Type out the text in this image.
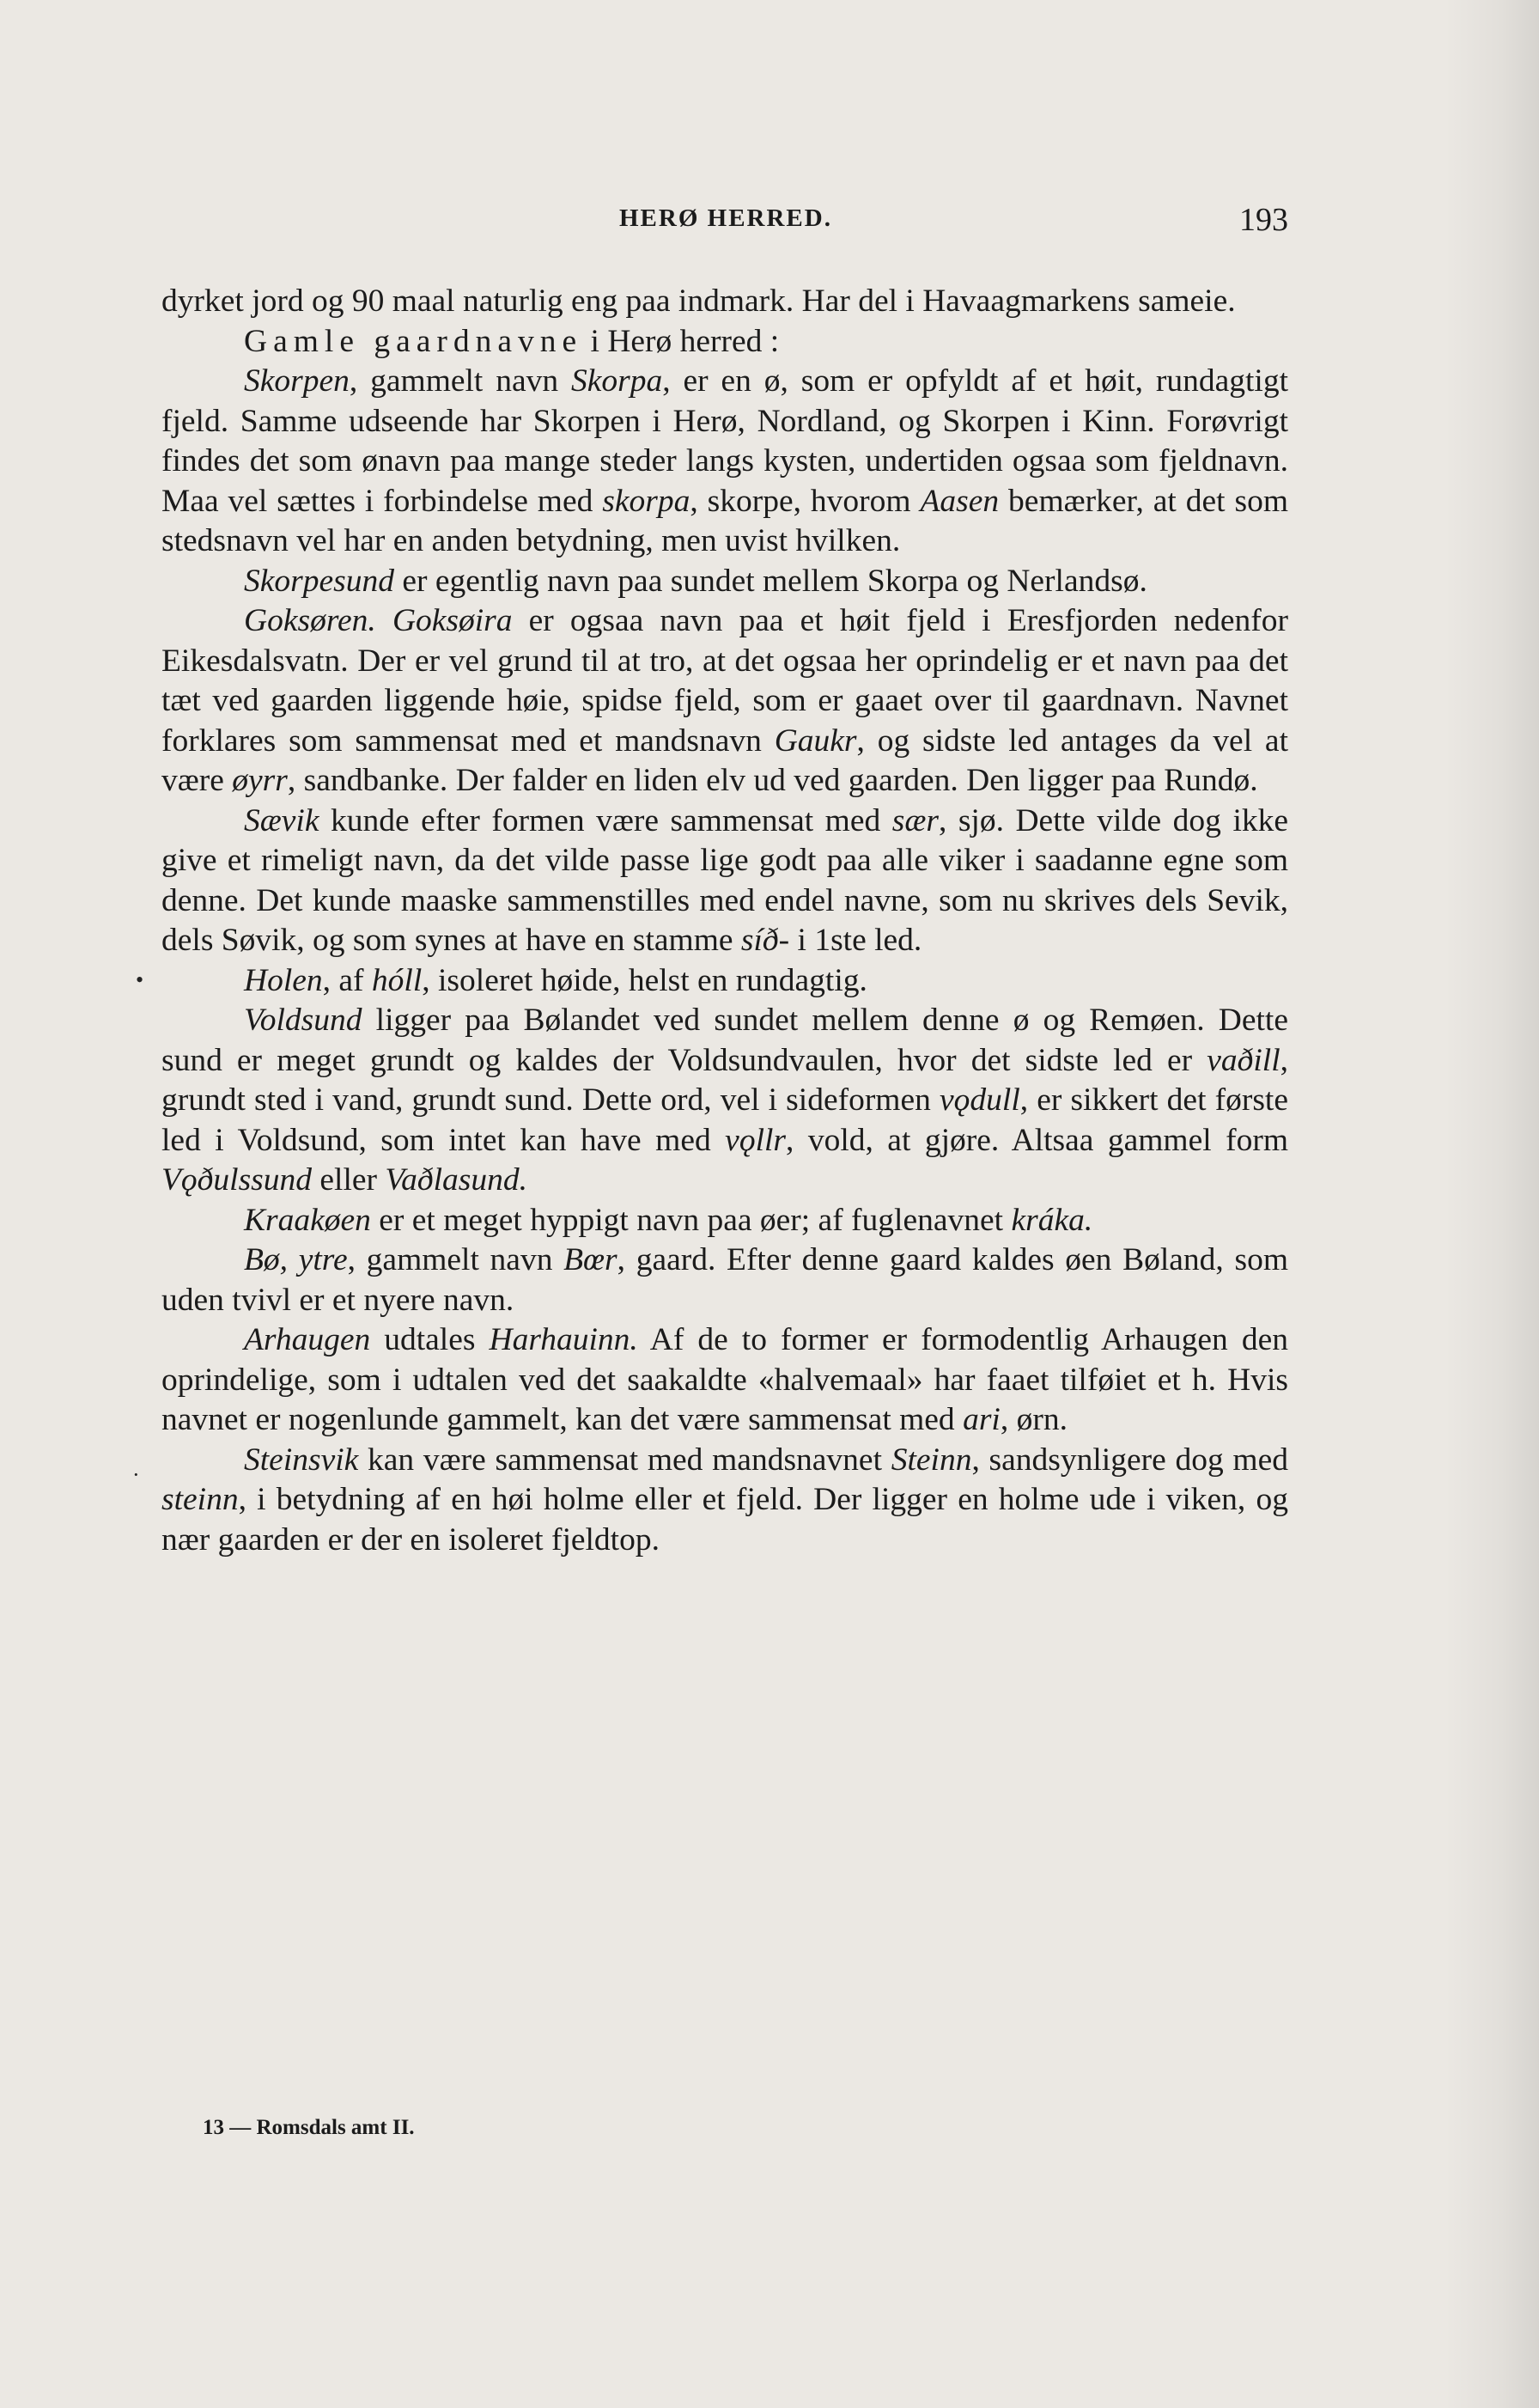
HERØ HERRED.	193

dyrket jord og 90 maal naturlig eng paa indmark. Har del i Havaagmarkens sameie.

Gamle gaardnavne i Herø herred :

Skorpen, gammelt navn Skorpa, er en ø, som er opfyldt af et høit, rundagtigt fjeld. Samme udseende har Skorpen i Herø, Nordland, og Skorpen i Kinn. Forøvrigt findes det som ønavn paa mange steder langs kysten, undertiden ogsaa som fjeldnavn. Maa vel sættes i forbindelse med skorpa, skorpe, hvorom Aasen bemærker, at det som stedsnavn vel har en anden betydning, men uvist hvilken.

Skorpesund er egentlig navn paa sundet mellem Skorpa og Nerlandsø.

Goksøren. Goksøira er ogsaa navn paa et høit fjeld i Eresfjorden nedenfor Eikesdalsvatn. Der er vel grund til at tro, at det ogsaa her oprindelig er et navn paa det tæt ved gaarden liggende høie, spidse fjeld, som er gaaet over til gaardnavn. Navnet forklares som sammensat med et mandsnavn Gaukr, og sidste led antages da vel at være øyrr, sandbanke. Der falder en liden elv ud ved gaarden. Den ligger paa Rundø.

Sævik kunde efter formen være sammensat med sær, sjø. Dette vilde dog ikke give et rimeligt navn, da det vilde passe lige godt paa alle viker i saadanne egne som denne. Det kunde maaske sammenstilles med endel navne, som nu skrives dels Sevik, dels Søvik, og som synes at have en stamme síð- i 1ste led.

Holen, af hóll, isoleret høide, helst en rundagtig.

Voldsund ligger paa Bølandet ved sundet mellem denne ø og Remøen. Dette sund er meget grundt og kaldes der Voldsundvaulen, hvor det sidste led er vaðill, grundt sted i vand, grundt sund. Dette ord, vel i sideformen vǫdull, er sikkert det første led i Voldsund, som intet kan have med vǫllr, vold, at gjøre. Altsaa gammel form Vǫðulssund eller Vaðlasund.

Kraakøen er et meget hyppigt navn paa øer; af fuglenavnet kráka.

Bø, ytre, gammelt navn Bœr, gaard. Efter denne gaard kaldes øen Bøland, som uden tvivl er et nyere navn.

Arhaugen udtales Harhauinn. Af de to former er formodentlig Arhaugen den oprindelige, som i udtalen ved det saakaldte «halvemaal» har faaet tilføiet et h. Hvis navnet er nogenlunde gammelt, kan det være sammensat med ari, ørn.

Steinsvik kan være sammensat med mandsnavnet Steinn, sandsynligere dog med steinn, i betydning af en høi holme eller et fjeld. Der ligger en holme ude i viken, og nær gaarden er der en isoleret fjeldtop.

13 — Romsdals amt II.
•
·
